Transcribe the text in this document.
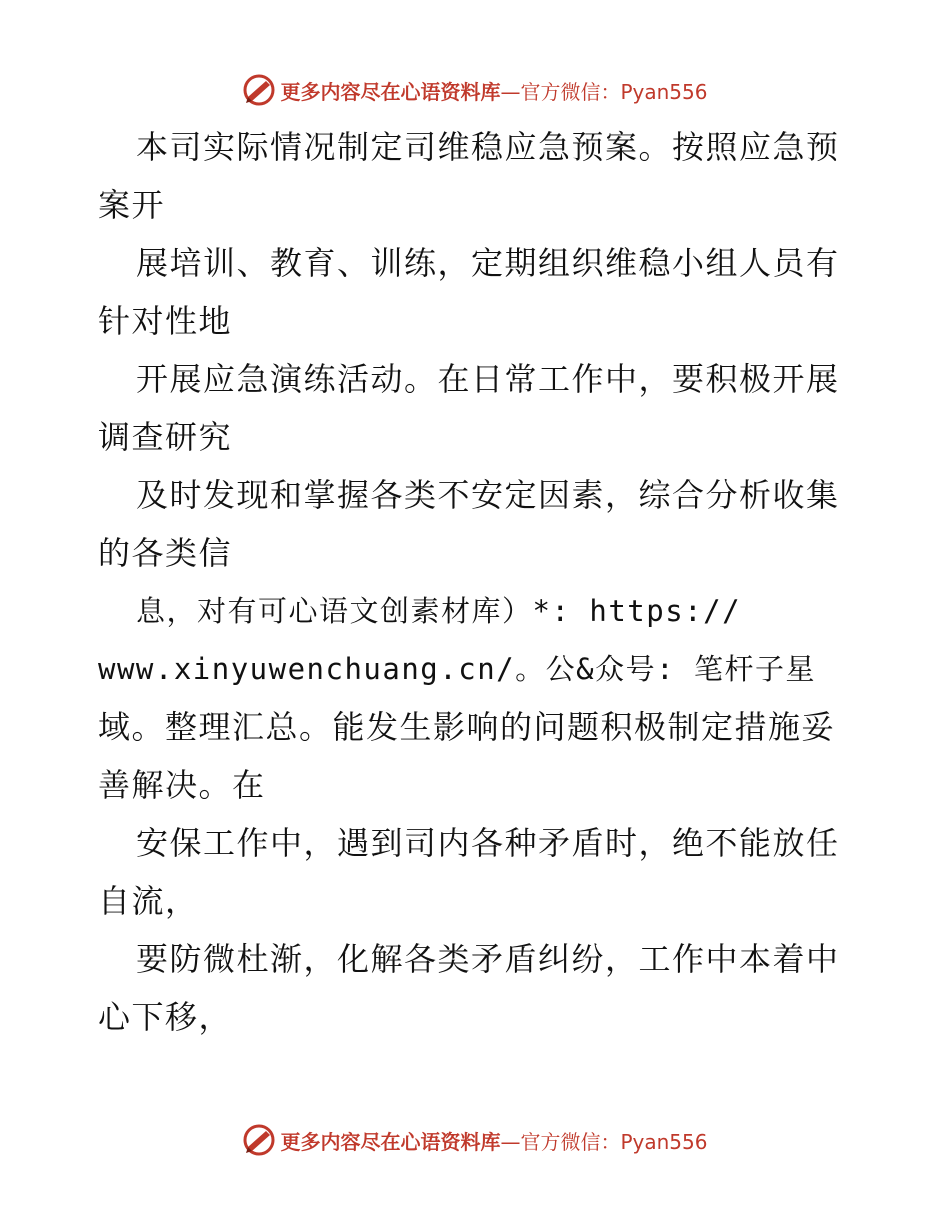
更多内容尽在心语资料库 —官方微信：Pyan556
本司实际情况制定司维稳应急预案。按照应急预
案开
展培训、教育、训练，定期组织维稳小组人员有
针对性地
开展应急演练活动。在日常工作中，要积极开展
调查研究
及时发现和掌握各类不安定因素，综合分析收集
的各类信
息，对有可心语文创素材库）*: https://
www.xinyuwenchuang.cn/。公&众号: 笔杆子星
域。整理汇总。能发生影响的问题积极制定措施妥
善解决。在
安保工作中，遇到司内各种矛盾时，绝不能放任
自流，
要防微杜渐，化解各类矛盾纠纷，工作中本着中
心下移，
更多内容尽在心语资料库 —官方微信：Pyan556
